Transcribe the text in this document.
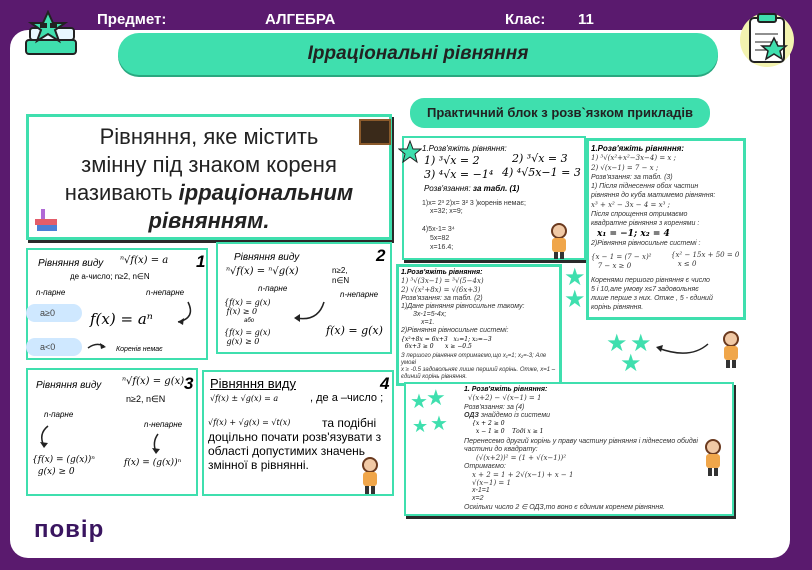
Предмет:	АЛГЕБРА	Клас: 11
Ірраціональні рівняння
Рівняння, яке містить
змінну під знаком кореня
називають ірраціональним
рівнянням.
Рівняння виду ⁿ√f(x) = a 1
де a-число; n≥2, n∈N
n-парне	n-непарне
a≥0
a<0
f(x) = aⁿ
Коренів немає
Рівняння виду	2
ⁿ√f(x) = ⁿ√g(x)	n≥2,
n∈N
n-парне
n-непарне
{f(x) = g(x)
f(x) ≥ 0
або
{f(x) = g(x)
g(x) ≥ 0
f(x) = g(x)
Рівняння виду ⁿ√f(x) = g(x) 3
n≥2, n∈N
n-парне
n-непарне
{f(x) = (g(x))ⁿ
g(x) ≥ 0
f(x) = (g(x))ⁿ
Рівняння виду	4
√f(x) ± √g(x) = a	, де a –число ;
√f(x) + √g(x) = √t(x)	та подібні
доцільно почати розв'язувати з області допустимих значень змінної в рівнянні.
Практичний блок з розв`язком прикладів
1.Розв'яжіть рівняння:
1) ³√x = 2	2) ³√x = 3
3) ⁴√x = −1⁴ 4) ⁴√5x−1 = 3
Розв'язання: за табл. (1)
1)x= 2³ 2)x= 3² 3 )коренів немає;
x=32; x=9;
4)5x-1= 3⁴
5x=82
x=16.4;
1.Розв'яжіть рівняння:
1) ³√(x²+x²−3x−4) = x ;
2) √(x−1) = 7 − x ;
Розв'язання: за табл. (3)
1) Після піднесення обох частин
рівняння до куба матимемо рівняння:
x³ + x² − 3x − 4 = x³ ;
Після спрощення отримаємо
квадратне рівняння з коренями :
x₁ = −1; x₂ = 4
2)Рівняння рівносильне системі :
{x − 1 = (7 − x)²
7 − x ≥ 0
{x² − 15x + 50 = 0
x ≤ 0
Коренями першого рівняння є число
5 і 10,але умову x≤7 задовольняє
лише перше з них. Отже , 5 - єдиний
корінь рівняння.
1.Розв'яжіть рівняння:
1) ³√(3x−1) = ³√(5−4x)
2) √(x²+8x) = √(6x+3)
Розв'язання: за табл. (2)
1)Дане рівняння рівносильне такому:
3x-1=5-4x;
x=1.
2)Рівняння рівносильне системі:
{x²+8x = 6x+3 x₁=1; x₂=−3
6x+3 ≥ 0 x ≥ −0.5
З першого рівняння отримаємо,що x₁=1; x₂=-3; Але умові
x ≥ -0.5 задовольняє лише перший корінь. Отже, x=1 –
єдиний корінь рівняння.
★
★
★ ★
★
1. Розв'яжіть рівняння:
√(x+2) − √(x−1) = 1
Розв'язання: за (4)
ОДЗ знайдемо із системи
{x + 2 ≥ 0
x − 1 ≥ 0 Тоді x ≥ 1
Перенесемо другий корінь у праву частину рівняння і піднесемо обидві
частини до квадрату:
(√(x+2))² = (1 + √(x−1))²
Отримаємо:
x + 2 = 1 + 2√(x−1) + x − 1
√(x−1) = 1
x-1=1
x=2
Оскільки число 2 ∈ ОДЗ,то воно є єдиним коренем рівняння.
★
★
★ ★
повір
